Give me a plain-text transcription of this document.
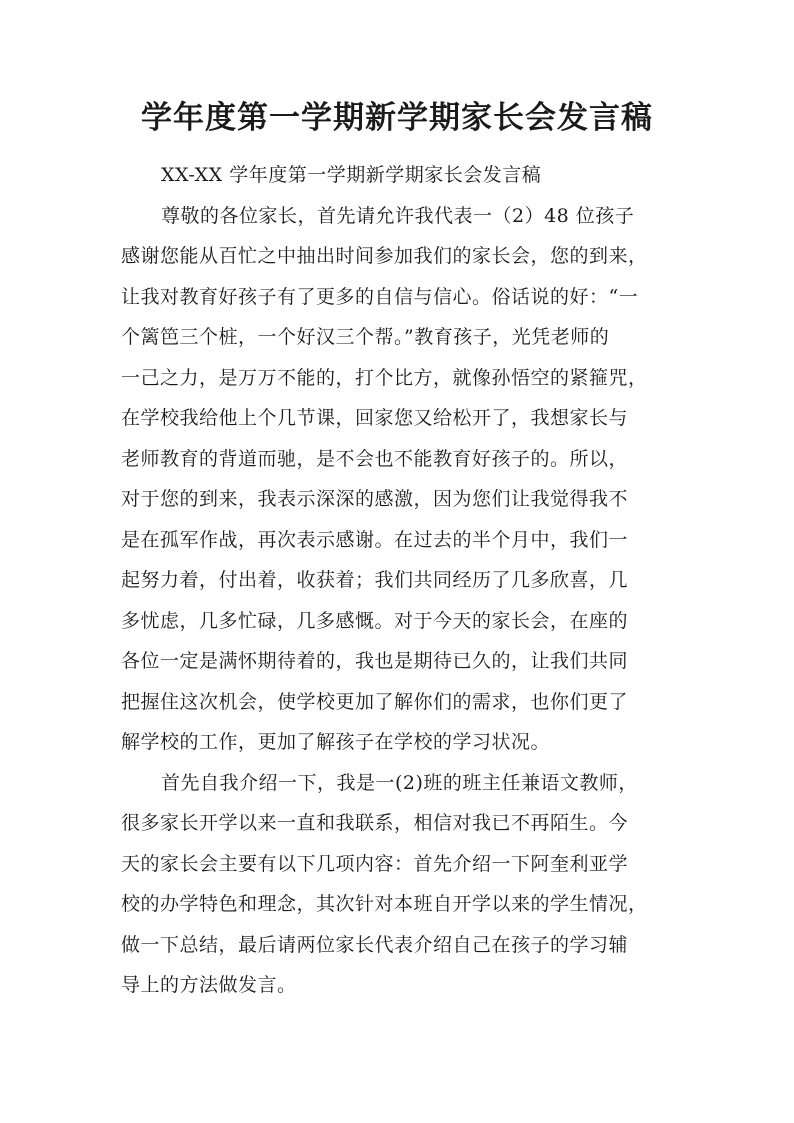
学年度第一学期新学期家长会发言稿
XX-XX 学年度第一学期新学期家长会发言稿
尊敬的各位家长，首先请允许我代表一（2）48 位孩子
感谢您能从百忙之中抽出时间参加我们的家长会，您的到来，
让我对教育好孩子有了更多的自信与信心。俗话说的好：“一
个篱笆三个桩，一个好汉三个帮。”教育孩子，光凭老师的
一己之力，是万万不能的，打个比方，就像孙悟空的紧箍咒，
在学校我给他上个几节课，回家您又给松开了，我想家长与
老师教育的背道而驰，是不会也不能教育好孩子的。所以，
对于您的到来，我表示深深的感激，因为您们让我觉得我不
是在孤军作战，再次表示感谢。在过去的半个月中，我们一
起努力着，付出着，收获着；我们共同经历了几多欣喜，几
多忧虑，几多忙碌，几多感慨。对于今天的家长会，在座的
各位一定是满怀期待着的，我也是期待已久的，让我们共同
把握住这次机会，使学校更加了解你们的需求，也你们更了
解学校的工作，更加了解孩子在学校的学习状况。
首先自我介绍一下，我是一(2)班的班主任兼语文教师，
很多家长开学以来一直和我联系，相信对我已不再陌生。今
天的家长会主要有以下几项内容：首先介绍一下阿奎利亚学
校的办学特色和理念，其次针对本班自开学以来的学生情况，
做一下总结，最后请两位家长代表介绍自己在孩子的学习辅
导上的方法做发言。
